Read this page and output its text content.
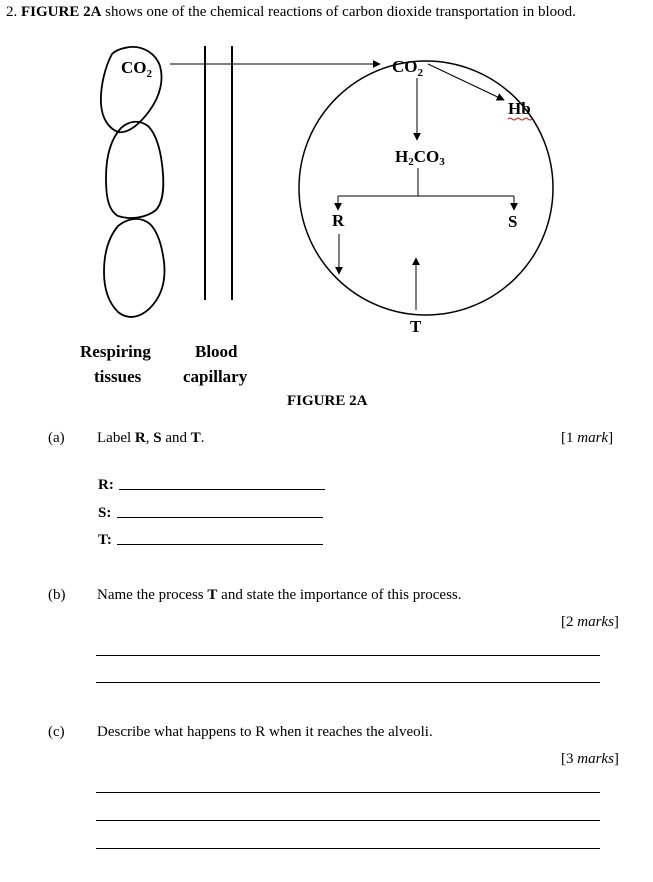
2. FIGURE 2A shows one of the chemical reactions of carbon dioxide transportation in blood.
$CO_2$	$CO_2$
Hb
H2CO3
R	S
T
Respiring
tissues
Blood
capillary
FIGURE 2A
(a) Label R, S and T.	[1 mark]
R:
S:
T:
(b) Name the process T and state the importance of this process.
[2 marks]
(c) Describe what happens to R when it reaches the alveoli.
[3 marks]
